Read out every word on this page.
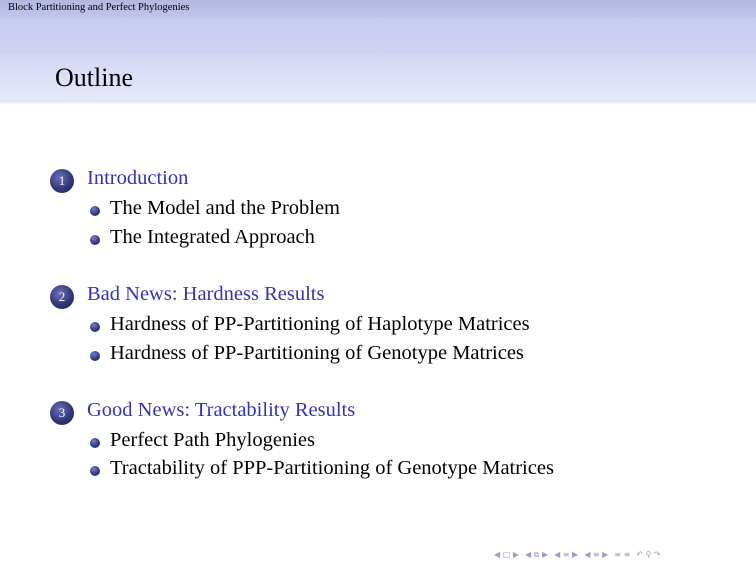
Block Partitioning and Perfect Phylogenies
Outline
1	Introduction
The Model and the Problem
The Integrated Approach
2	Bad News: Hardness Results
Hardness of PP-Partitioning of Haplotype Matrices
Hardness of PP-Partitioning of Genotype Matrices
3	Good News: Tractability Results
Perfect Path Phylogenies
Tractability of PPP-Partitioning of Genotype Matrices
◀ □ ▶ ◀ ⧉ ▶ ◀ ≡ ▶ ◀ ≡ ▶ ≡ ≡ ↶ ⚲ ↷
